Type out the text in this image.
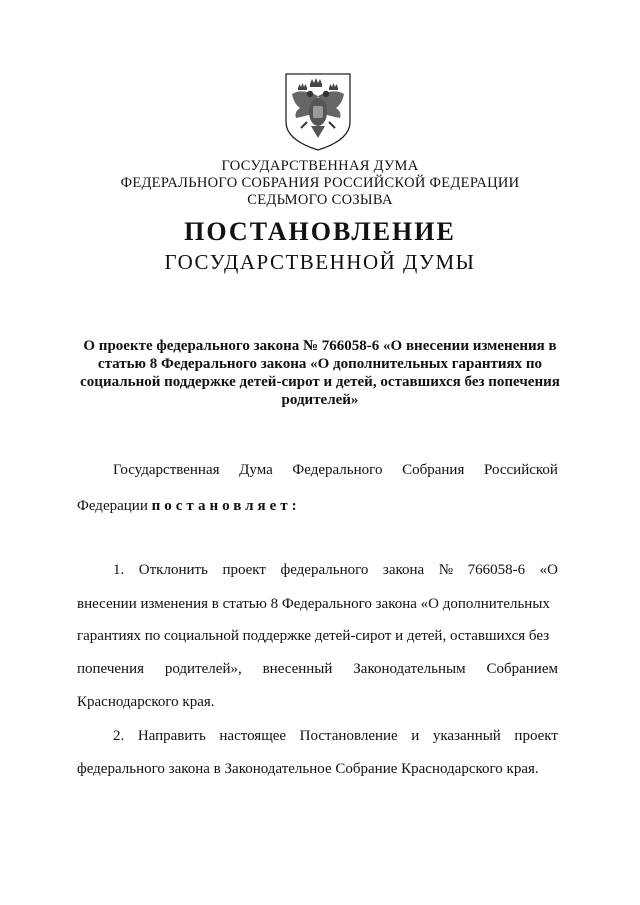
ГОСУДАРСТВЕННАЯ ДУМА
ФЕДЕРАЛЬНОГО СОБРАНИЯ РОССИЙСКОЙ ФЕДЕРАЦИИ
СЕДЬМОГО СОЗЫВА
ПОСТАНОВЛЕНИЕ
ГОСУДАРСТВЕННОЙ ДУМЫ
О проекте федерального закона № 766058-6 «О внесении изменения в
статью 8 Федерального закона «О дополнительных гарантиях по
социальной поддержке детей-сирот и детей, оставшихся без попечения
родителей»
Государственная Дума Федерального Собрания Российской
Федерации постановляет:
1. Отклонить проект федерального закона № 766058-6 «О
внесении изменения в статью 8 Федерального закона «О дополнительных
гарантиях по социальной поддержке детей-сирот и детей, оставшихся без
попечения родителей», внесенный Законодательным Собранием
Краснодарского края.
2. Направить настоящее Постановление и указанный проект
федерального закона в Законодательное Собрание Краснодарского края.
